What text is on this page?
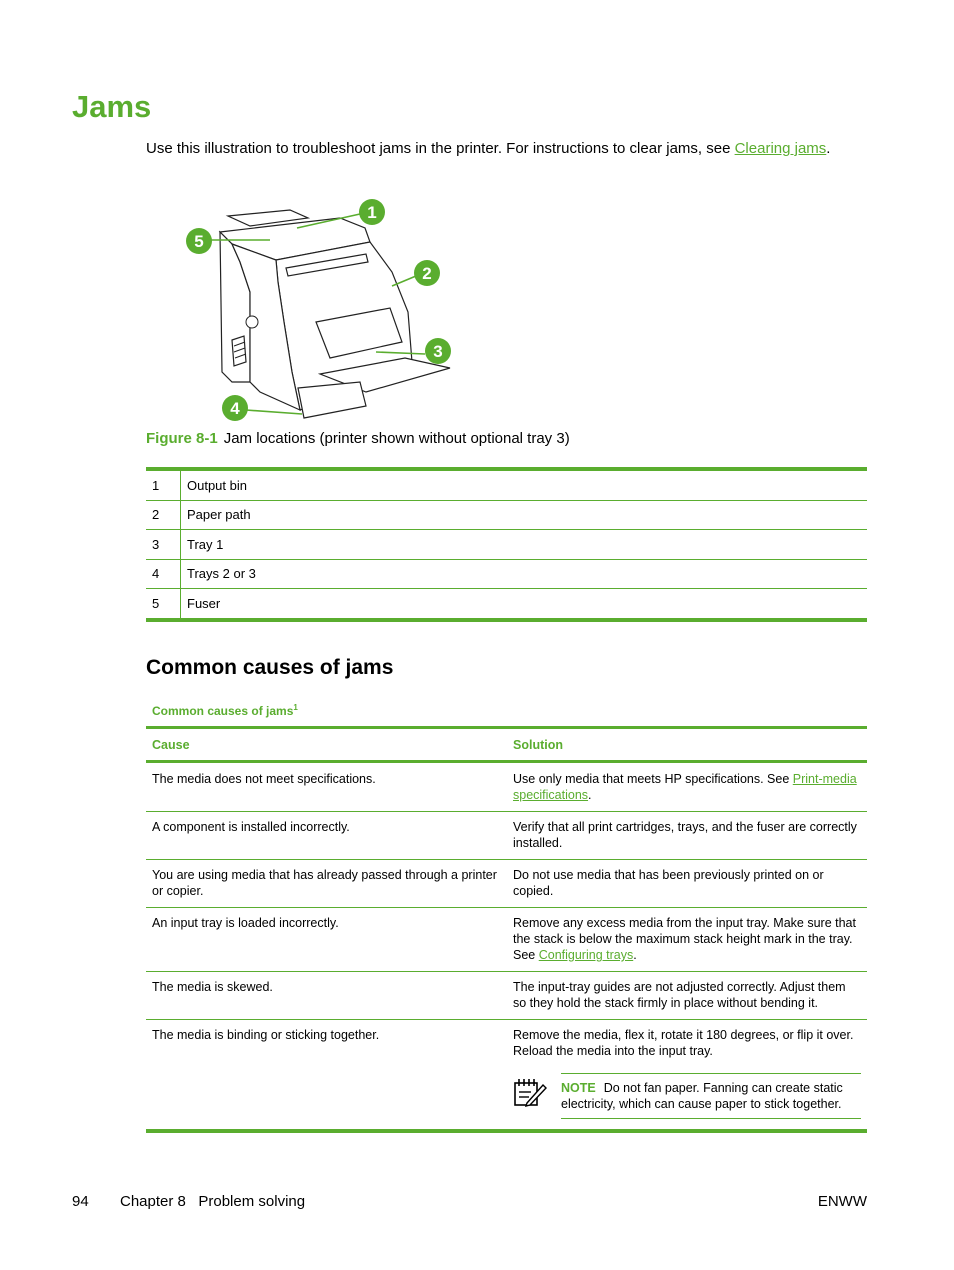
Jams

Use this illustration to troubleshoot jams in the printer. For instructions to clear jams, see Clearing jams.

1
2
3
4
5
Figure 8-1 Jam locations (printer shown without optional tray 3)
1	Output bin
2	Paper path
3	Tray 1
4	Trays 2 or 3
5	Fuser
Common causes of jams
Common causes of jams$^1$
Cause	Solution
The media does not meet specifications.	Use only media that meets HP specifications. See Print-media specifications.
A component is installed incorrectly.	Verify that all print cartridges, trays, and the fuser are correctly installed.
You are using media that has already passed through a printer or copier.	Do not use media that has been previously printed on or copied.
An input tray is loaded incorrectly.	Remove any excess media from the input tray. Make sure that the stack is below the maximum stack height mark in the tray. See Configuring trays.
The media is skewed.	The input-tray guides are not adjusted correctly. Adjust them so they hold the stack firmly in place without bending it.
The media is binding or sticking together.	Remove the media, flex it, rotate it 180 degrees, or flip it over. Reload the media into the input tray.
NOTE Do not fan paper. Fanning can create static electricity, which can cause paper to stick together.
94 Chapter 8   Problem solving	ENWW
